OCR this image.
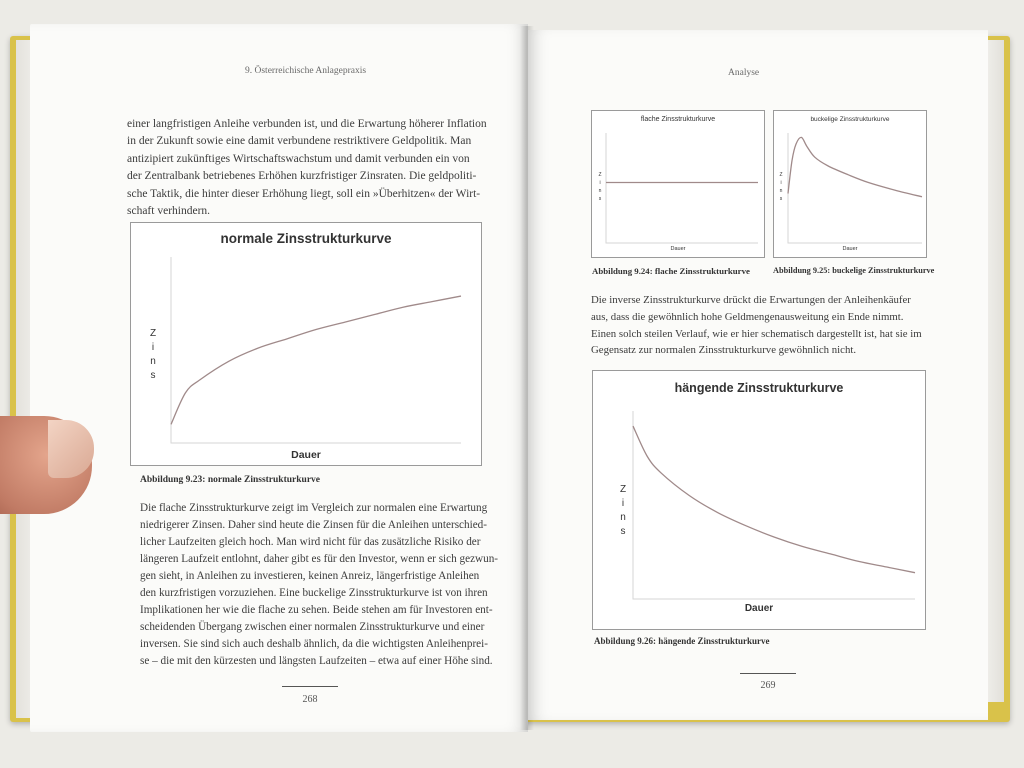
9. Österreichische Anlagepraxis
einer langfristigen Anleihe verbunden ist, und die Erwartung höherer Inflation
in der Zukunft sowie eine damit verbundene restriktivere Geldpolitik. Man
antizipiert zukünftiges Wirtschaftswachstum und damit verbunden ein von
der Zentralbank betriebenes Erhöhen kurzfristiger Zinsraten. Die geldpoliti-
sche Taktik, die hinter dieser Erhöhung liegt, soll ein »Überhitzen« der Wirt-
schaft verhindern.
normale Zinsstrukturkurve
Z
i
n
s
Dauer
Abbildung 9.23: normale Zinsstrukturkurve
Die flache Zinsstrukturkurve zeigt im Vergleich zur normalen eine Erwartung
niedrigerer Zinsen. Daher sind heute die Zinsen für die Anleihen unterschied-
licher Laufzeiten gleich hoch. Man wird nicht für das zusätzliche Risiko der
längeren Laufzeit entlohnt, daher gibt es für den Investor, wenn er sich gezwun-
gen sieht, in Anleihen zu investieren, keinen Anreiz, längerfristige Anleihen
den kurzfristigen vorzuziehen. Eine buckelige Zinsstrukturkurve ist von ihren
Implikationen her wie die flache zu sehen. Beide stehen am für Investoren ent-
scheidenden Übergang zwischen einer normalen Zinsstrukturkurve und einer
inversen. Sie sind sich auch deshalb ähnlich, da die wichtigsten Anleihenprei-
se – die mit den kürzesten und längsten Laufzeiten – etwa auf einer Höhe sind.
268
Analyse
flache Zinsstrukturkurve
Z
i
n
s
Dauer
buckelige Zinsstrukturkurve
Z
i
n
s
Dauer
Abbildung 9.24: flache Zinsstrukturkurve	Abbildung 9.25: buckelige Zinsstrukturkurve
Die inverse Zinsstrukturkurve drückt die Erwartungen der Anleihenkäufer
aus, dass die gewöhnlich hohe Geldmengenausweitung ein Ende nimmt.
Einen solch steilen Verlauf, wie er hier schematisch dargestellt ist, hat sie im
Gegensatz zur normalen Zinsstrukturkurve gewöhnlich nicht.
hängende Zinsstrukturkurve
Z
i
n
s
Dauer
Abbildung 9.26: hängende Zinsstrukturkurve
269
